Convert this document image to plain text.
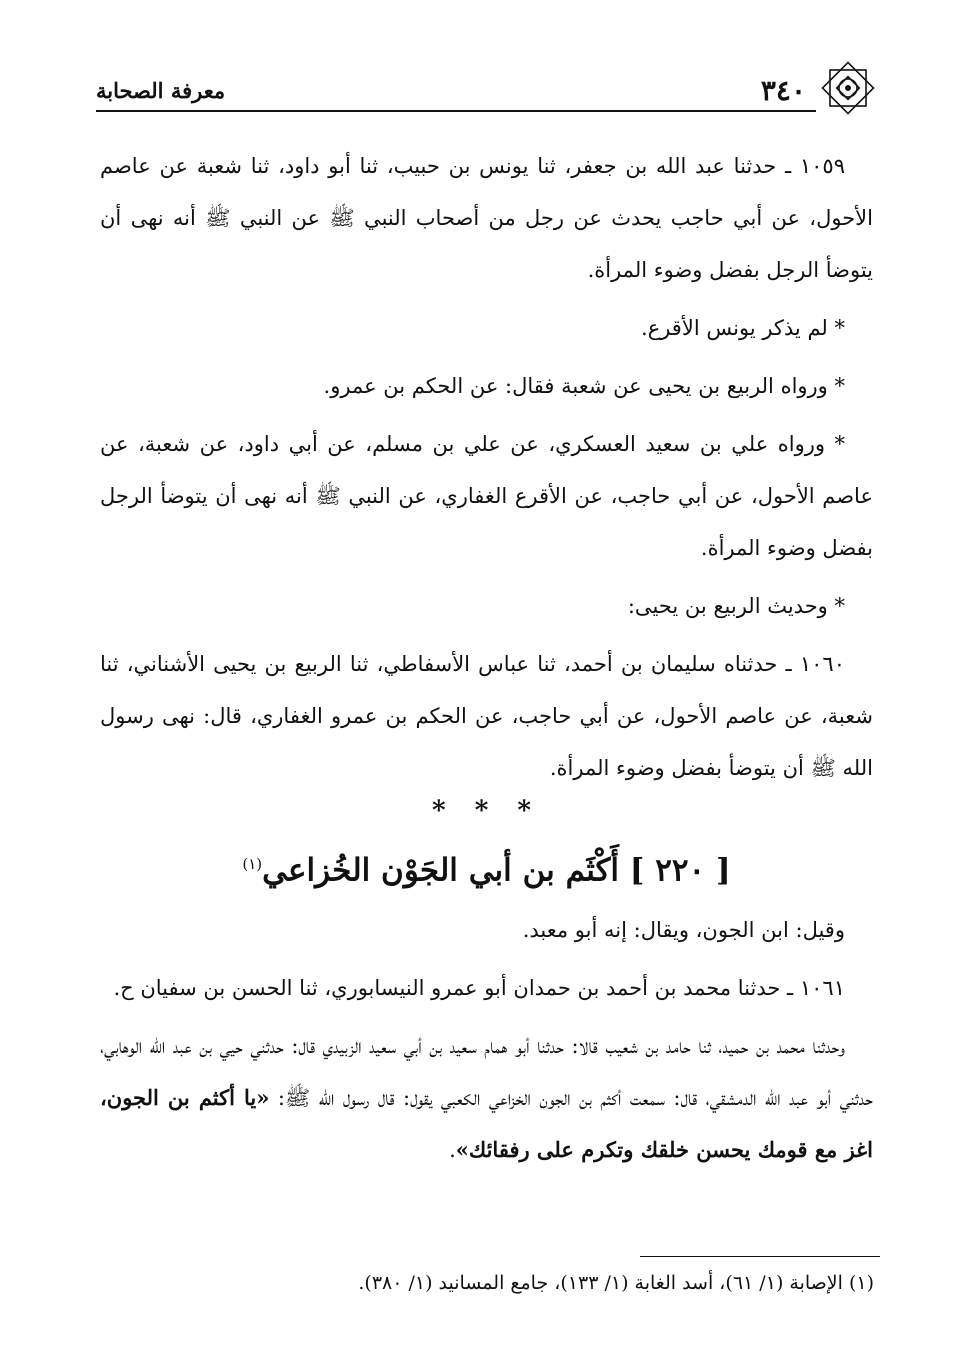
٣٤٠
معرفة الصحابة

١٠٥٩ ـ حدثنا عبد الله بن جعفر، ثنا يونس بن حبيب، ثنا أبو داود، ثنا شعبة عن عاصم الأحول، عن أبي حاجب يحدث عن رجل من أصحاب النبي ﷺ عن النبي ﷺ أنه نهى أن يتوضأ الرجل بفضل وضوء المرأة.

* لم يذكر يونس الأقرع.

* ورواه الربيع بن يحيى عن شعبة فقال: عن الحكم بن عمرو.

* ورواه علي بن سعيد العسكري، عن علي بن مسلم، عن أبي داود، عن شعبة، عن عاصم الأحول، عن أبي حاجب، عن الأقرع الغفاري، عن النبي ﷺ أنه نهى أن يتوضأ الرجل بفضل وضوء المرأة.

* وحديث الربيع بن يحيى:

١٠٦٠ ـ حدثناه سليمان بن أحمد، ثنا عباس الأسفاطي، ثنا الربيع بن يحيى الأشناني، ثنا شعبة، عن عاصم الأحول، عن أبي حاجب، عن الحكم بن عمرو الغفاري، قال: نهى رسول الله ﷺ أن يتوضأ بفضل وضوء المرأة.

* * *
[ ٢٢٠ ] أَكْثَم بن أبي الجَوْن الخُزاعي$^{(١)}$

وقيل: ابن الجون، ويقال: إنه أبو معبد.

١٠٦١ ـ حدثنا محمد بن أحمد بن حمدان أبو عمرو النيسابوري، ثنا الحسن بن سفيان ح.

وحدثنا محمد بن حميد، ثنا حامد بن شعيب قالا: حدثنا أبو همام سعيد بن أبي سعيد الزبيدي قال: حدثني حيي بن عبد الله الوهابي، حدثني أبو عبد الله الدمشقي، قال: سمعت أكثم بن الجون الخزاعي الكعبي يقول: قال رسول الله ﷺ: «يا أكثم بن الجون، اغز مع قومك يحسن خلقك وتكرم على رفقائك».

(١) الإصابة (١/ ٦١)، أسد الغابة (١/ ١٣٣)، جامع المسانيد (١/ ٣٨٠).
